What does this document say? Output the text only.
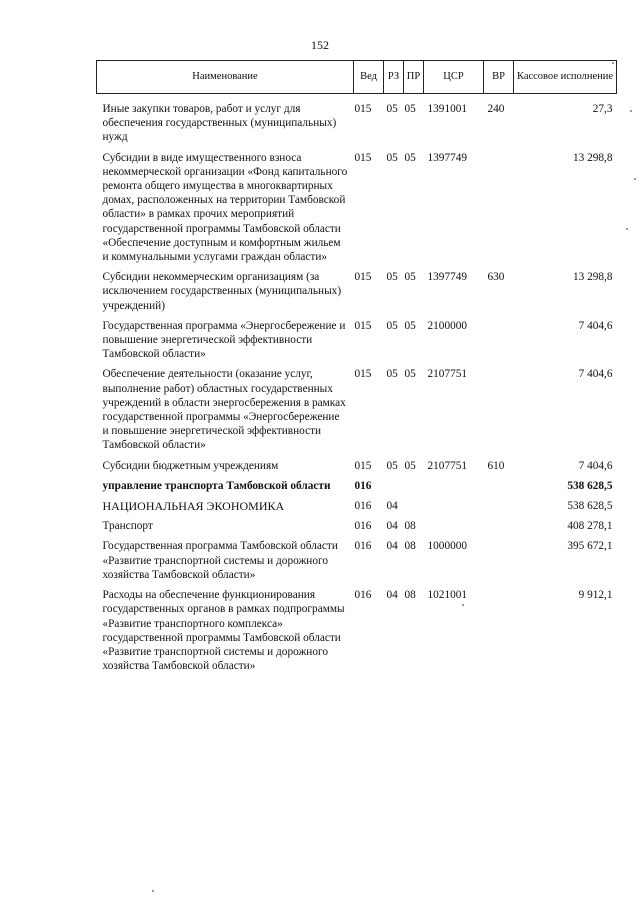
152
Наименование	Вед	РЗ	ПР	ЦСР	ВР	Кассовое исполнение
Иные закупки товаров, работ и услуг для обеспечения государственных (муниципальных) нужд	015	05	05	1391001	240	27,3
Субсидии в виде имущественного взноса некоммерческой организации «Фонд капитального ремонта общего имущества в многоквартирных домах, расположенных на территории Тамбовской области» в рамках прочих мероприятий государственной программы Тамбовской области «Обеспечение доступным и комфортным жильем и коммунальными услугами граждан области»	015	05	05	1397749		13 298,8
Субсидии некоммерческим организациям (за исключением государственных (муниципальных) учреждений)	015	05	05	1397749	630	13 298,8
Государственная программа «Энергосбережение и повышение энергетической эффективности Тамбовской области»	015	05	05	2100000		7 404,6
Обеспечение деятельности (оказание услуг, выполнение работ) областных государственных учреждений в области энергосбережения в рамках государственной программы «Энергосбережение и повышение энергетической эффективности Тамбовской области»	015	05	05	2107751		7 404,6
Субсидии бюджетным учреждениям	015	05	05	2107751	610	7 404,6
управление транспорта Тамбовской области	016					538 628,5
НАЦИОНАЛЬНАЯ ЭКОНОМИКА	016	04				538 628,5
Транспорт	016	04	08			408 278,1
Государственная программа Тамбовской области «Развитие транспортной системы и дорожного хозяйства Тамбовской области»	016	04	08	1000000		395 672,1
Расходы на обеспечение функционирования государственных органов в рамках подпрограммы «Развитие транспортного комплекса» государственной программы Тамбовской области «Развитие транспортной системы и дорожного хозяйства Тамбовской области»	016	04	08	1021001		9 912,1
